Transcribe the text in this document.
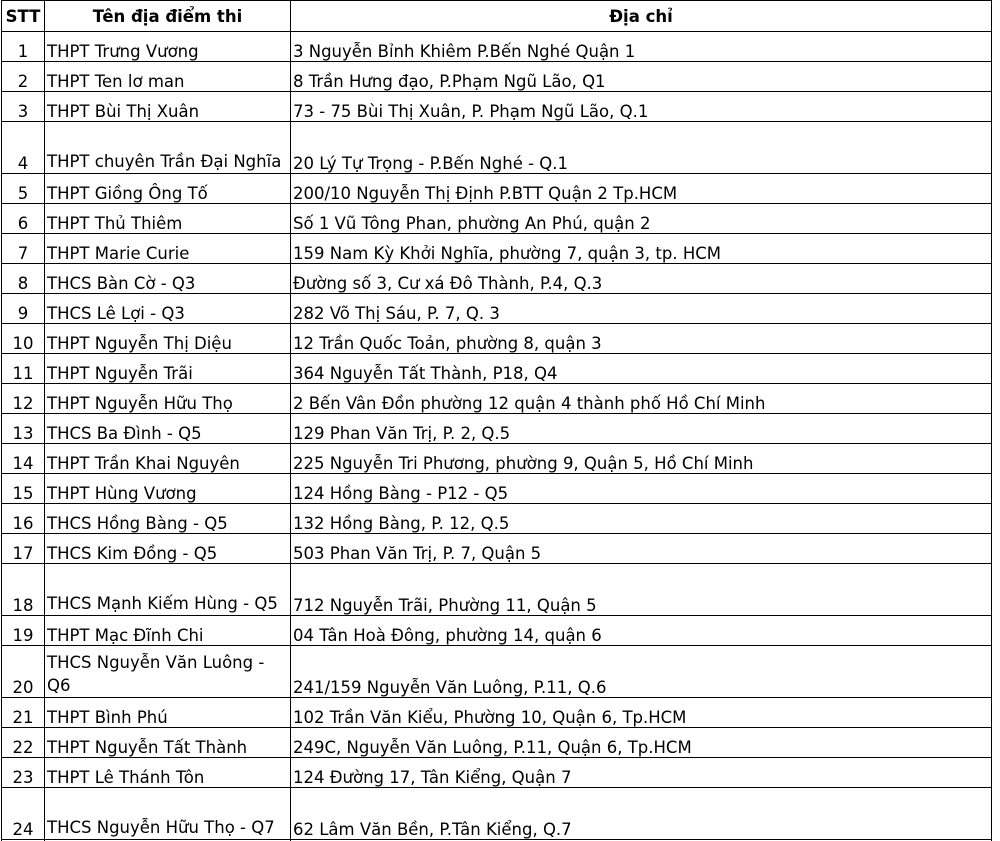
STT	Tên địa điểm thi	Địa chỉ
1	THPT Trưng Vương	3 Nguyễn Bỉnh Khiêm P.Bến Nghé Quận 1
2	THPT Ten lơ man	8 Trần Hưng đạo, P.Phạm Ngũ Lão, Q1
3	THPT Bùi Thị Xuân	73 - 75 Bùi Thị Xuân, P. Phạm Ngũ Lão, Q.1
4	THPT chuyên Trần Đại Nghĩa	20 Lý Tự Trọng - P.Bến Nghé - Q.1
5	THPT Giồng Ông Tố	200/10 Nguyễn Thị Định P.BTT Quận 2 Tp.HCM
6	THPT Thủ Thiêm	Số 1 Vũ Tông Phan, phường An Phú, quận 2
7	THPT Marie Curie	159 Nam Kỳ Khởi Nghĩa, phường 7, quận 3, tp. HCM
8	THCS Bàn Cờ - Q3	Đường số 3, Cư xá Đô Thành, P.4, Q.3
9	THCS Lê Lợi - Q3	282 Võ Thị Sáu, P. 7, Q. 3
10	THPT Nguyễn Thị Diệu	12 Trần Quốc Toản, phường 8, quận 3
11	THPT Nguyễn Trãi	364 Nguyễn Tất Thành, P18, Q4
12	THPT Nguyễn Hữu Thọ	2 Bến Vân Đồn phường 12 quận 4 thành phố Hồ Chí Minh
13	THCS Ba Đình - Q5	129 Phan Văn Trị, P. 2, Q.5
14	THPT Trần Khai Nguyên	225 Nguyễn Tri Phương, phường 9, Quận 5, Hồ Chí Minh
15	THPT Hùng Vương	124 Hồng Bàng - P12 - Q5
16	THCS Hồng Bàng - Q5	132 Hồng Bàng, P. 12, Q.5
17	THCS Kim Đồng - Q5	503 Phan Văn Trị, P. 7, Quận 5
18	THCS Mạnh Kiếm Hùng - Q5	712 Nguyễn Trãi, Phường 11, Quận 5
19	THPT Mạc Đĩnh Chi	04 Tân Hoà Đông, phường 14, quận 6
20	THCS Nguyễn Văn Luông - Q6	241/159 Nguyễn Văn Luông, P.11, Q.6
21	THPT Bình Phú	102 Trần Văn Kiểu, Phường 10, Quận 6, Tp.HCM
22	THPT Nguyễn Tất Thành	249C, Nguyễn Văn Luông, P.11, Quận 6, Tp.HCM
23	THPT Lê Thánh Tôn	124 Đường 17, Tân Kiểng, Quận 7
24	THCS Nguyễn Hữu Thọ - Q7	62 Lâm Văn Bền, P.Tân Kiểng, Q.7
